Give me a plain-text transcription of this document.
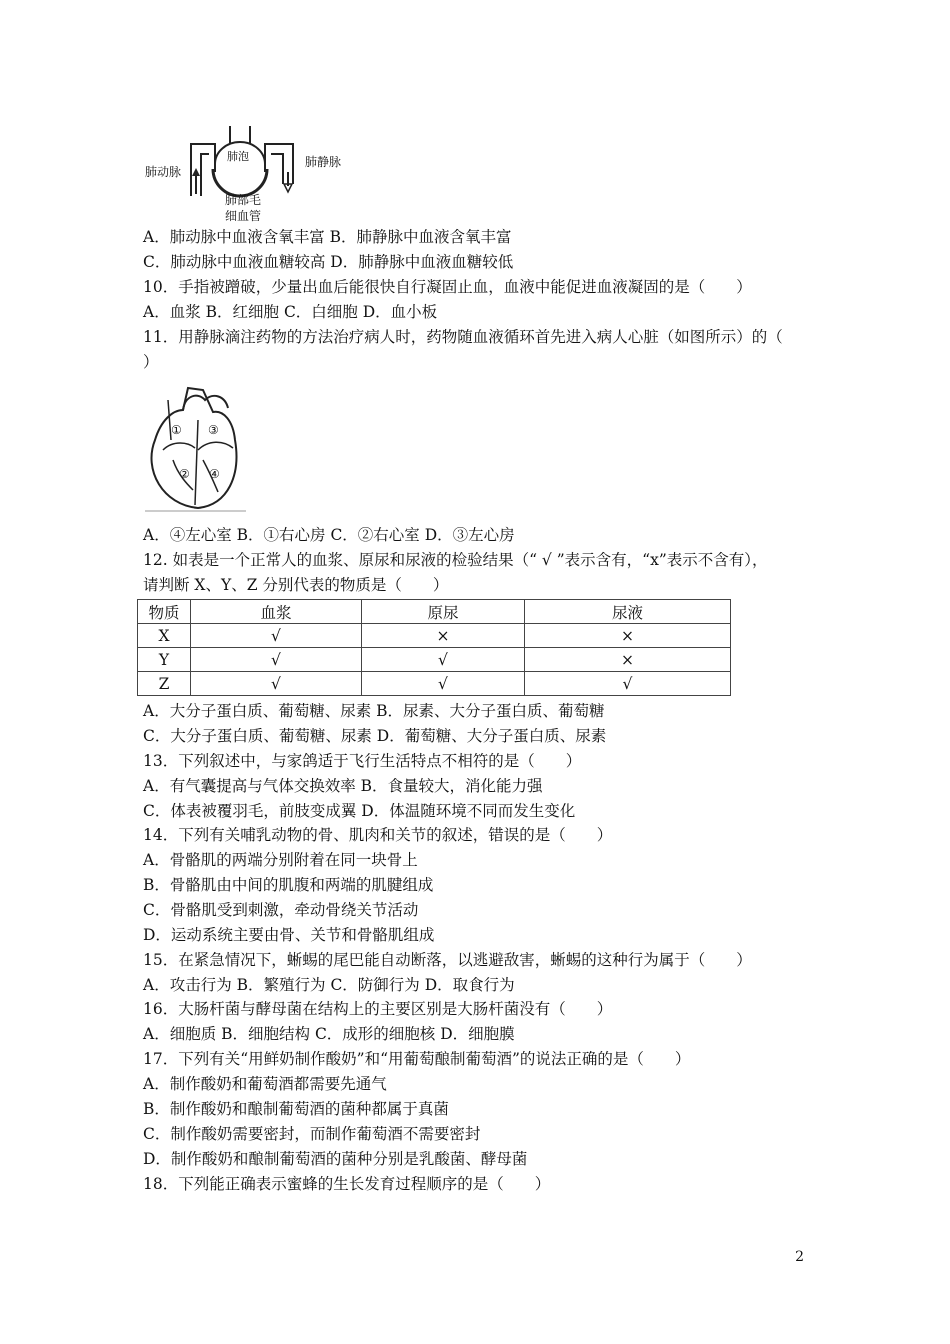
肺动脉
肺静脉
肺泡
肺部毛
细血管
A．肺动脉中血液含氧丰富 B．肺静脉中血液含氧丰富
C．肺动脉中血液血糖较高 D．肺静脉中血液血糖较低
10．手指被蹭破，少量出血后能很快自行凝固止血，血液中能促进血液凝固的是（　　）
A．血浆 B．红细胞 C．白细胞 D．血小板
11．用静脉滴注药物的方法治疗病人时，药物随血液循环首先进入病人心脏（如图所示）的（
）
① ③
② ④
A．④左心室 B．①右心房 C．②右心室 D．③左心房
12. 如表是一个正常人的血浆、原尿和尿液的检验结果（“ √ ”表示含有，“x”表示不含有），
请判断 X、Y、Z 分别代表的物质是（　　）
物质	血浆	原尿	尿液
X	√	×	×
Y	√	√	×
Z	√	√	√
A．大分子蛋白质、葡萄糖、尿素 B．尿素、大分子蛋白质、葡萄糖
C．大分子蛋白质、葡萄糖、尿素 D．葡萄糖、大分子蛋白质、尿素
13．下列叙述中，与家鸽适于飞行生活特点不相符的是（　　）
A．有气囊提高与气体交换效率 B．食量较大，消化能力强
C．体表被覆羽毛，前肢变成翼 D．体温随环境不同而发生变化
14．下列有关哺乳动物的骨、肌肉和关节的叙述，错误的是（　　）
A．骨骼肌的两端分别附着在同一块骨上
B．骨骼肌由中间的肌腹和两端的肌腱组成
C．骨骼肌受到刺激，牵动骨绕关节活动
D．运动系统主要由骨、关节和骨骼肌组成
15．在紧急情况下，蜥蜴的尾巴能自动断落，以逃避敌害，蜥蜴的这种行为属于（　　）
A．攻击行为 B．繁殖行为 C．防御行为 D．取食行为
16．大肠杆菌与酵母菌在结构上的主要区别是大肠杆菌没有（　　）
A．细胞质 B．细胞结构 C．成形的细胞核 D．细胞膜
17．下列有关“用鲜奶制作酸奶”和“用葡萄酿制葡萄酒”的说法正确的是（　　）
A．制作酸奶和葡萄酒都需要先通气
B．制作酸奶和酿制葡萄酒的菌种都属于真菌
C．制作酸奶需要密封，而制作葡萄酒不需要密封
D．制作酸奶和酿制葡萄酒的菌种分别是乳酸菌、酵母菌
18．下列能正确表示蜜蜂的生长发育过程顺序的是（　　）
2
